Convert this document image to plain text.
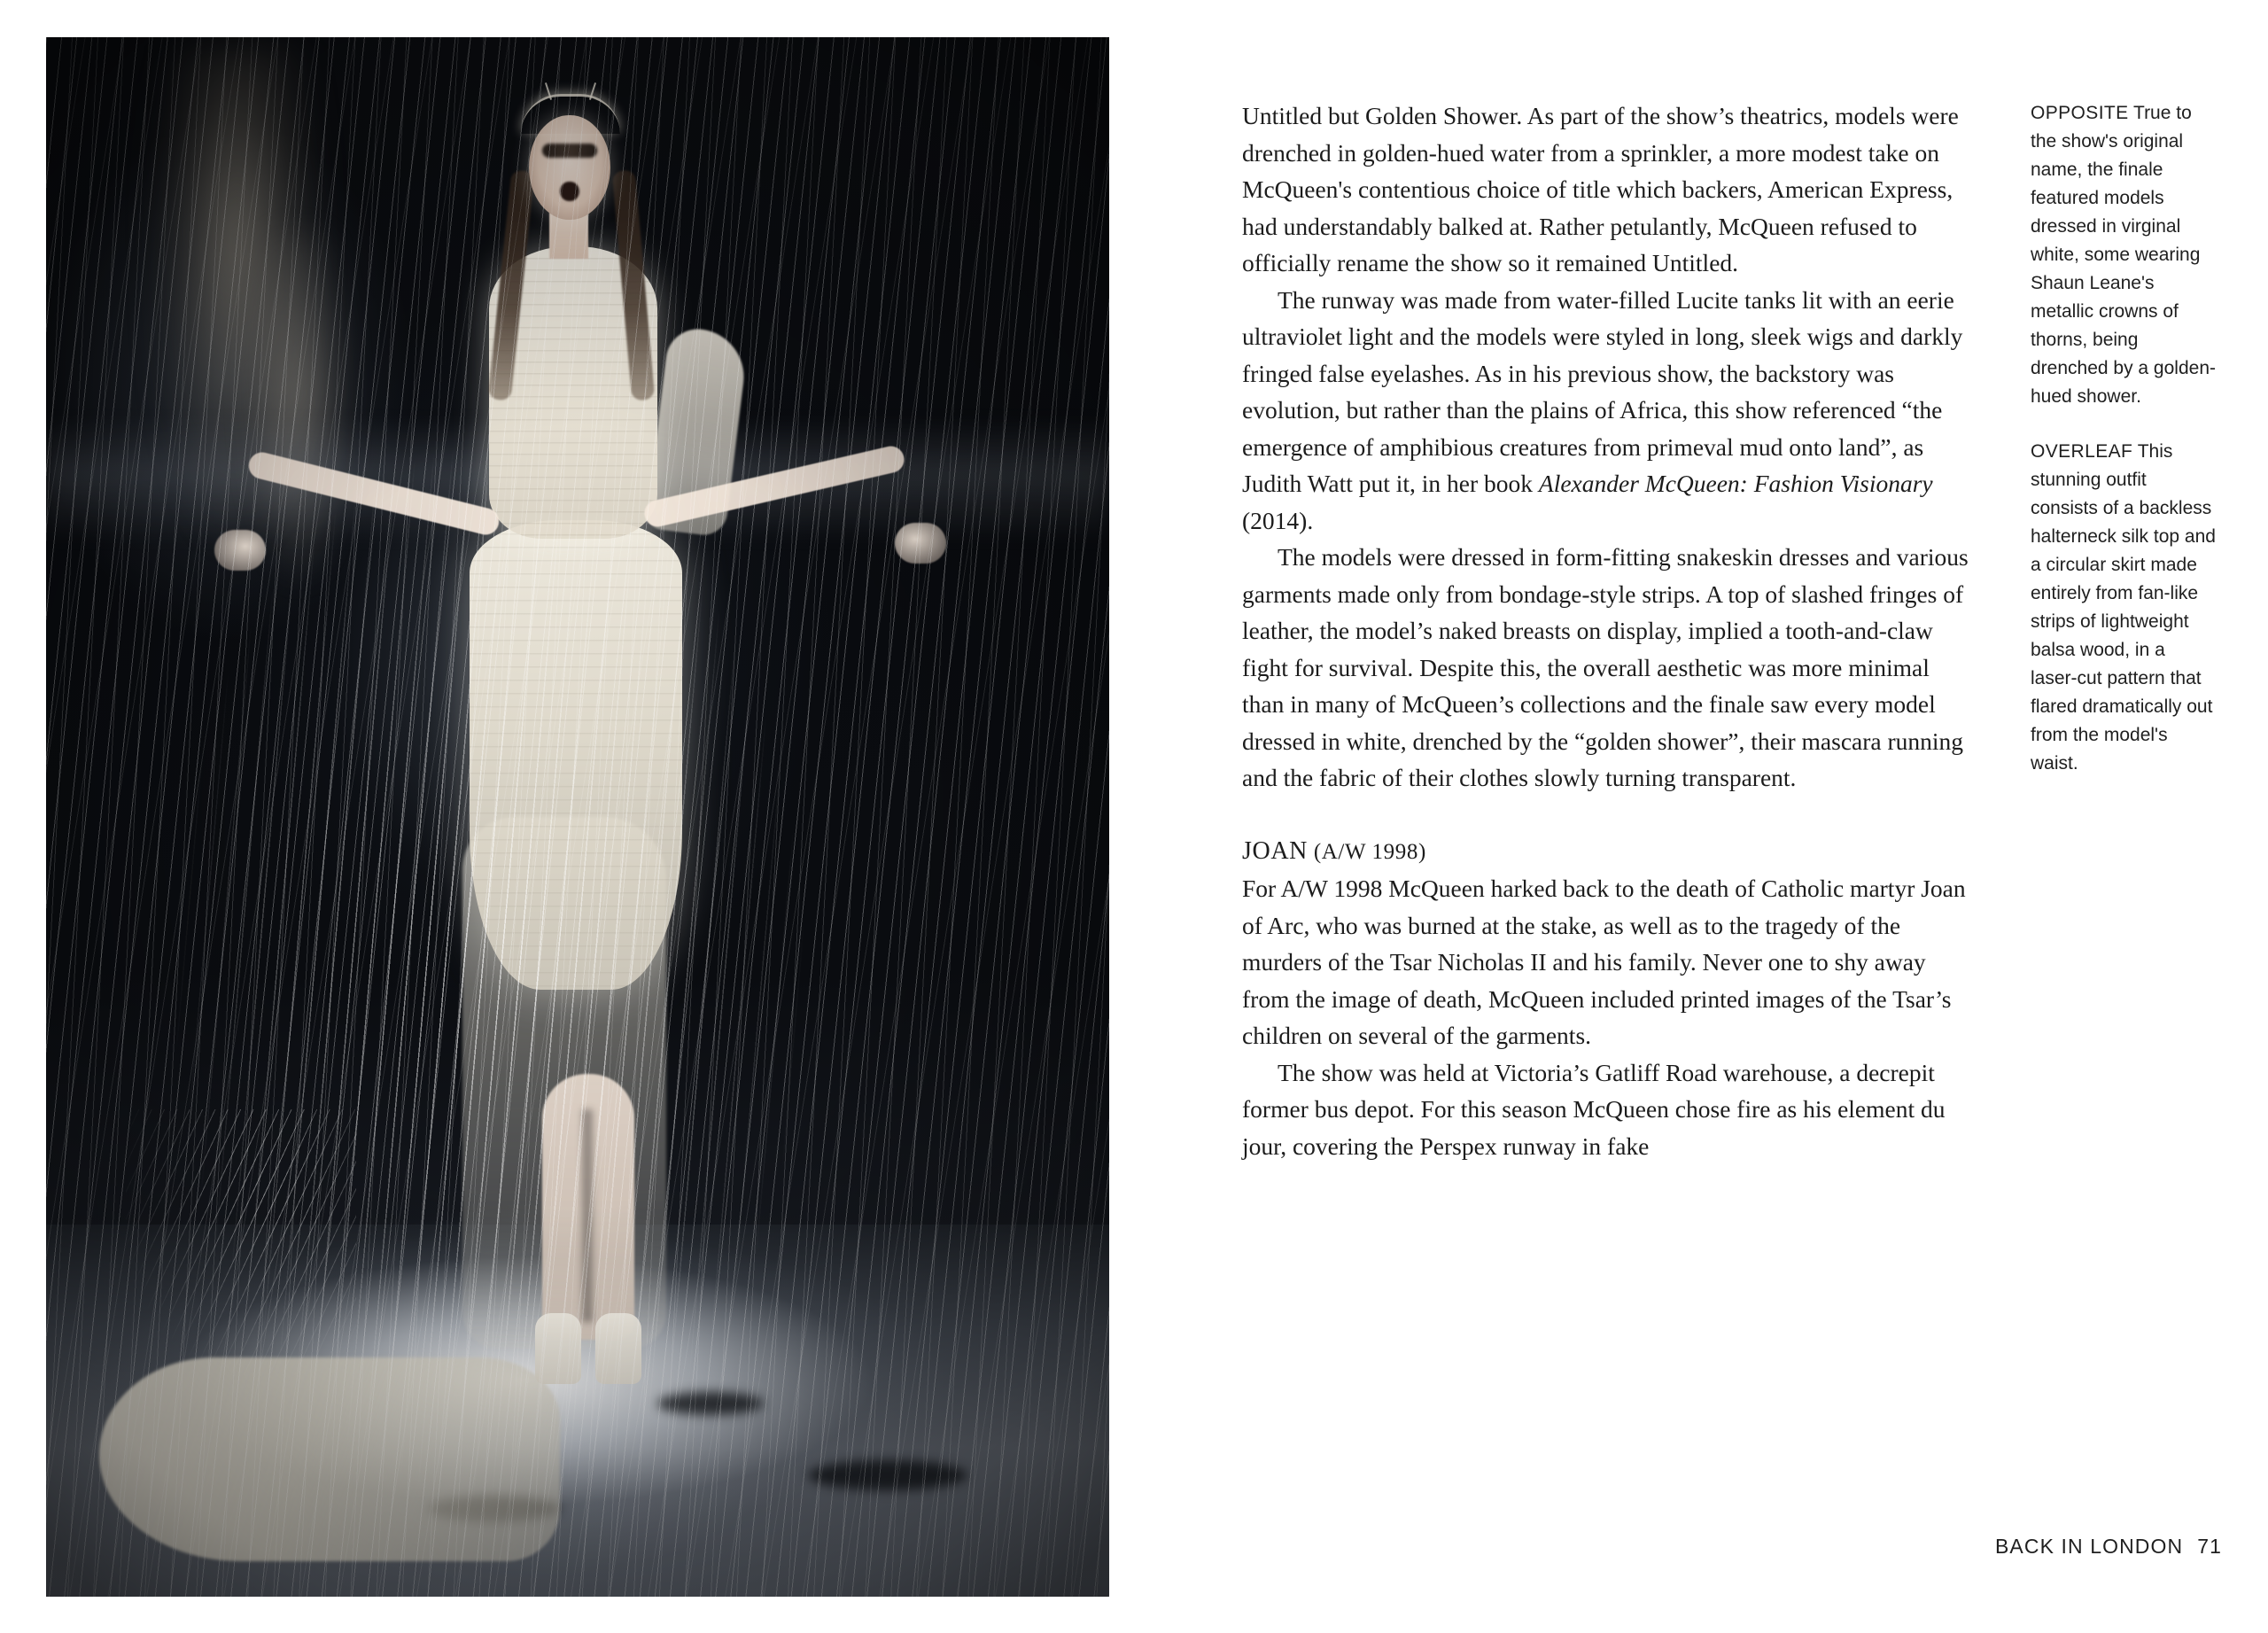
Untitled but Golden Shower. As part of the show’s theatrics, models were drenched in golden-hued water from a sprinkler, a more modest take on McQueen's contentious choice of title which backers, American Express, had understandably balked at. Rather petulantly, McQueen refused to officially rename the show so it remained Untitled.

The runway was made from water-filled Lucite tanks lit with an eerie ultraviolet light and the models were styled in long, sleek wigs and darkly fringed false eyelashes. As in his previous show, the backstory was evolution, but rather than the plains of Africa, this show referenced “the emergence of amphibious creatures from primeval mud onto land”, as Judith Watt put it, in her book Alexander McQueen: Fashion Visionary (2014).

The models were dressed in form-fitting snakeskin dresses and various garments made only from bondage-style strips. A top of slashed fringes of leather, the model’s naked breasts on display, implied a tooth-and-claw fight for survival. Despite this, the overall aesthetic was more minimal than in many of McQueen’s collections and the finale saw every model dressed in white, drenched by the “golden shower”, their mascara running and the fabric of their clothes slowly turning transparent.

JOAN (A/W 1998)

For A/W 1998 McQueen harked back to the death of Catholic martyr Joan of Arc, who was burned at the stake, as well as to the tragedy of the murders of the Tsar Nicholas II and his family. Never one to shy away from the image of death, McQueen included printed images of the Tsar’s children on several of the garments.

The show was held at Victoria’s Gatliff Road warehouse, a decrepit former bus depot. For this season McQueen chose fire as his element du jour, covering the Perspex runway in fake

OPPOSITE True to the show's original name, the finale featured models dressed in virginal white, some wearing Shaun Leane's metallic crowns of thorns, being drenched by a golden-hued shower.

OVERLEAF This stunning outfit consists of a backless halterneck silk top and a circular skirt made entirely from fan-like strips of lightweight balsa wood, in a laser-cut pattern that flared dramatically out from the model's waist.

BACK IN LONDON 71
